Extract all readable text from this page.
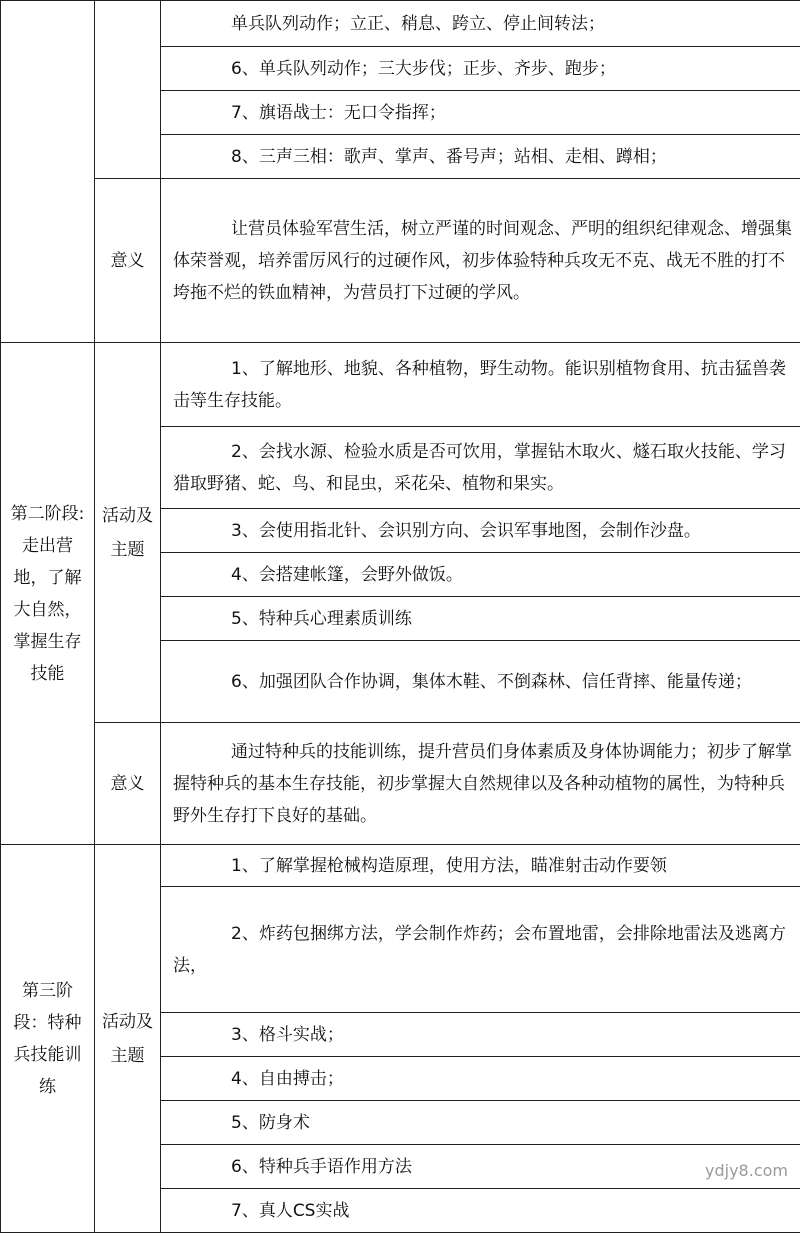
		单兵队列动作；立正、稍息、跨立、停止间转法；
		6、单兵队列动作；三大步伐；正步、齐步、跑步；
		7、旗语战士：无口令指挥；
		8、三声三相：歌声、掌声、番号声；站相、走相、蹲相；
	意义	让营员体验军营生活，树立严谨的时间观念、严明的组织纪律观念、增强集体荣誉观，培养雷厉风行的过硬作风，初步体验特种兵攻无不克、战无不胜的打不垮拖不烂的铁血精神，为营员打下过硬的学风。
第二阶段:走出营地，了解大自然，掌握生存技能	活动及主题	1、了解地形、地貌、各种植物，野生动物。能识别植物食用、抗击猛兽袭击等生存技能。
		2、会找水源、检验水质是否可饮用，掌握钻木取火、燧石取火技能、学习猎取野猪、蛇、鸟、和昆虫，采花朵、植物和果实。
		3、会使用指北针、会识别方向、会识军事地图，会制作沙盘。
		4、会搭建帐篷，会野外做饭。
		5、特种兵心理素质训练
		6、加强团队合作协调，集体木鞋、不倒森林、信任背摔、能量传递；
	意义	通过特种兵的技能训练，提升营员们身体素质及身体协调能力；初步了解掌握特种兵的基本生存技能，初步掌握大自然规律以及各种动植物的属性，为特种兵野外生存打下良好的基础。
第三阶段：特种兵技能训练	活动及主题	1、了解掌握枪械构造原理，使用方法，瞄准射击动作要领
		2、炸药包捆绑方法，学会制作炸药；会布置地雷，会排除地雷法及逃离方法，
		3、格斗实战；
		4、自由搏击；
		5、防身术
		6、特种兵手语作用方法
		7、真人CS实战
ydjy8.com
